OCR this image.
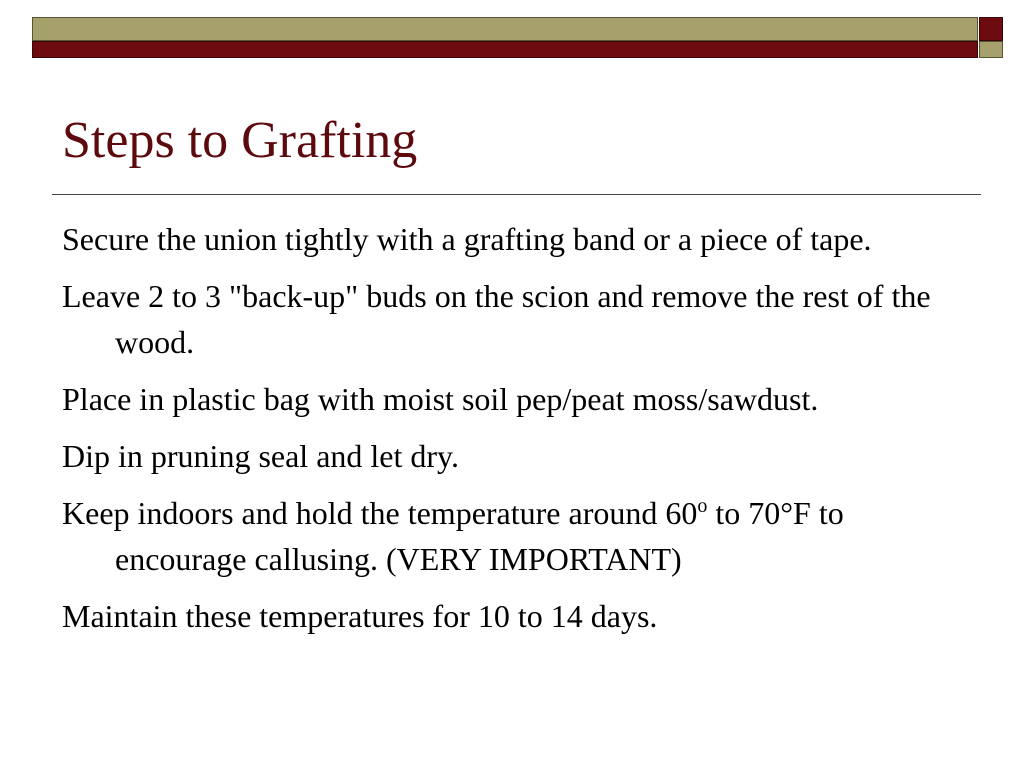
Steps to Grafting
Secure the union tightly with a grafting band or a piece of tape.
Leave 2 to 3 "back-up" buds on the scion and remove the rest of the wood.
Place in plastic bag with moist soil pep/peat moss/sawdust.
Dip in pruning seal and let dry.
Keep indoors and hold the temperature around 60$^o$ to 70°F to encourage callusing. (VERY IMPORTANT)
Maintain these temperatures for 10 to 14 days.
